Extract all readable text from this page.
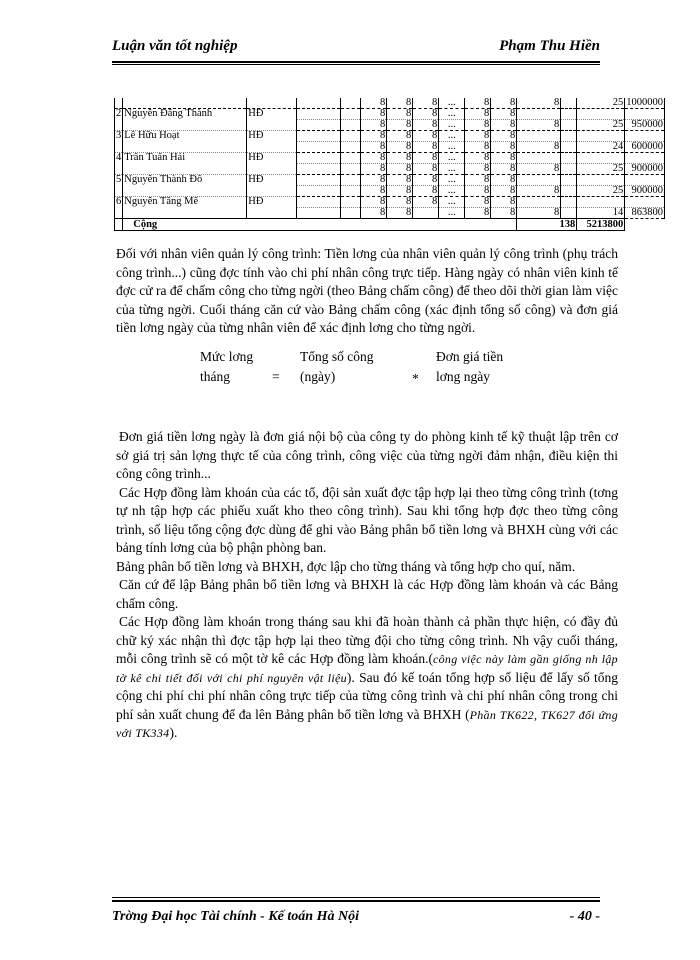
Luận văn tốt nghiệp	Phạm Thu Hiền
					8	8	8	...	8	8	8		25	1000000
2	Nguyễn Đăng Thành	HĐ			8	8	8	...	8	8				
					8	8	8	...	8	8	8		25	950000
3	Lê Hữu Hoạt	HĐ			8	8	8	...	8	8				
					8	8	8	...	8	8	8		24	600000
4	Trần Tuấn Hải	HĐ			8	8	8	...	8	8				
					8	8	8	...	8	8	8		25	900000
5	Nguyễn Thành Đô	HĐ			8	8	8	...	8	8				
					8	8	8	...	8	8	8		25	900000
6	Nguyễn Tăng Mẽ	HĐ			8	8	8	...	8	8				
					8	8		...	8	8	8		14	863800
	Cộng										138		5213800	

Đối với nhân viên quản lý công trình: Tiền lơng của nhân viên quản lý công trình (phụ trách công trình...) cũng đợc tính vào chi phí nhân công trực tiếp. Hàng ngày có nhân viên kinh tế đợc cử ra để chấm công cho từng ngời (theo Bảng chấm công) để theo dõi thời gian làm việc của từng ngời. Cuối tháng căn cứ vào Bảng chấm công (xác định tổng số công) và đơn giá tiền lơng ngày của từng nhân viên để xác định lơng cho từng ngời.

Mức lơng
tháng	=
Tổng số công
(ngày)	*
Đơn giá tiền
lơng ngày

Đơn giá tiền lơng ngày là đơn giá nội bộ của công ty do phòng kinh tế kỹ thuật lập trên cơ sở giá trị sản lợng thực tế của công trình, công việc của từng ngời đảm nhận, điều kiện thi công công trình...

Các Hợp đồng làm khoán của các tổ, đội sản xuất đợc tập hợp lại theo từng công trình (tơng tự nh tập hợp các phiếu xuất kho theo công trình). Sau khi tổng hợp đợc theo từng công trình, số liệu tổng cộng đợc dùng để ghi vào Bảng phân bổ tiền lơng và BHXH cùng với các bảng tính lơng của bộ phận phòng ban.

Bảng phân bổ tiền lơng và BHXH, đợc lập cho từng tháng và tổng hợp cho quí, năm.

Căn cứ để lập Bảng phân bổ tiền lơng và BHXH là các Hợp đồng làm khoán và các Bảng chấm công.

Các Hợp đồng làm khoán trong tháng sau khi đã hoàn thành cả phần thực hiện, có đầy đủ chữ ký xác nhận thì đợc tập hợp lại theo từng đội cho từng công trình. Nh vậy cuối tháng, mỗi công trình sẽ có một tờ kê các Hợp đồng làm khoán.(công việc này làm gần giống nh lập tờ kê chi tiết đối với chi phí nguyên vật liệu). Sau đó kế toán tổng hợp số liệu để lấy số tổng cộng chi phí chi phí nhân công trực tiếp của từng công trình và chi phí nhân công trong chi phí sản xuất chung để đa lên Bảng phân bổ tiền lơng và BHXH (Phần TK622, TK627 đối ứng với TK334).

Trờng Đại học Tài chính - Kế toán Hà Nội	- 40 -
